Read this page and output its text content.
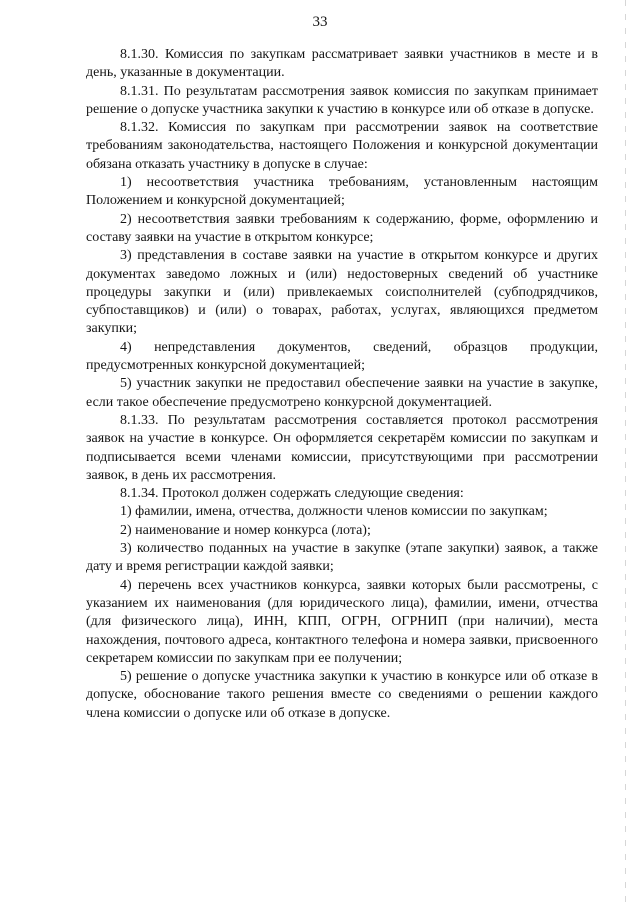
33

8.1.30. Комиссия по закупкам рассматривает заявки участников в месте и в день, указанные в документации.

8.1.31. По результатам рассмотрения заявок комиссия по закупкам принимает решение о допуске участника закупки к участию в конкурсе или об отказе в допуске.

8.1.32. Комиссия по закупкам при рассмотрении заявок на соответствие требованиям законодательства, настоящего Положения и конкурсной документации обязана отказать участнику в допуске в случае:

1) несоответствия участника требованиям, установленным настоящим Положением и конкурсной документацией;

2) несоответствия заявки требованиям к содержанию, форме, оформлению и составу заявки на участие в открытом конкурсе;

3) представления в составе заявки на участие в открытом конкурсе и других документах заведомо ложных и (или) недостоверных сведений об участнике процедуры закупки и (или) привлекаемых соисполнителей (субподрядчиков, субпоставщиков) и (или) о товарах, работах, услугах, являющихся предметом закупки;

4) непредставления документов, сведений, образцов продукции, предусмотренных конкурсной документацией;

5) участник закупки не предоставил обеспечение заявки на участие в закупке, если такое обеспечение предусмотрено конкурсной документацией.

8.1.33. По результатам рассмотрения составляется протокол рассмотрения заявок на участие в конкурсе. Он оформляется секретарём комиссии по закупкам и подписывается всеми членами комиссии, присутствующими при рассмотрении заявок, в день их рассмотрения.

8.1.34. Протокол должен содержать следующие сведения:

1) фамилии, имена, отчества, должности членов комиссии по закупкам;

2) наименование и номер конкурса (лота);

3) количество поданных на участие в закупке (этапе закупки) заявок, а также дату и время регистрации каждой заявки;

4) перечень всех участников конкурса, заявки которых были рассмотрены, с указанием их наименования (для юридического лица), фамилии, имени, отчества (для физического лица), ИНН, КПП, ОГРН, ОГРНИП (при наличии), места нахождения, почтового адреса, контактного телефона и номера заявки, присвоенного секретарем комиссии по закупкам при ее получении;

5) решение о допуске участника закупки к участию в конкурсе или об отказе в допуске, обоснование такого решения вместе со сведениями о решении каждого члена комиссии о допуске или об отказе в допуске.
